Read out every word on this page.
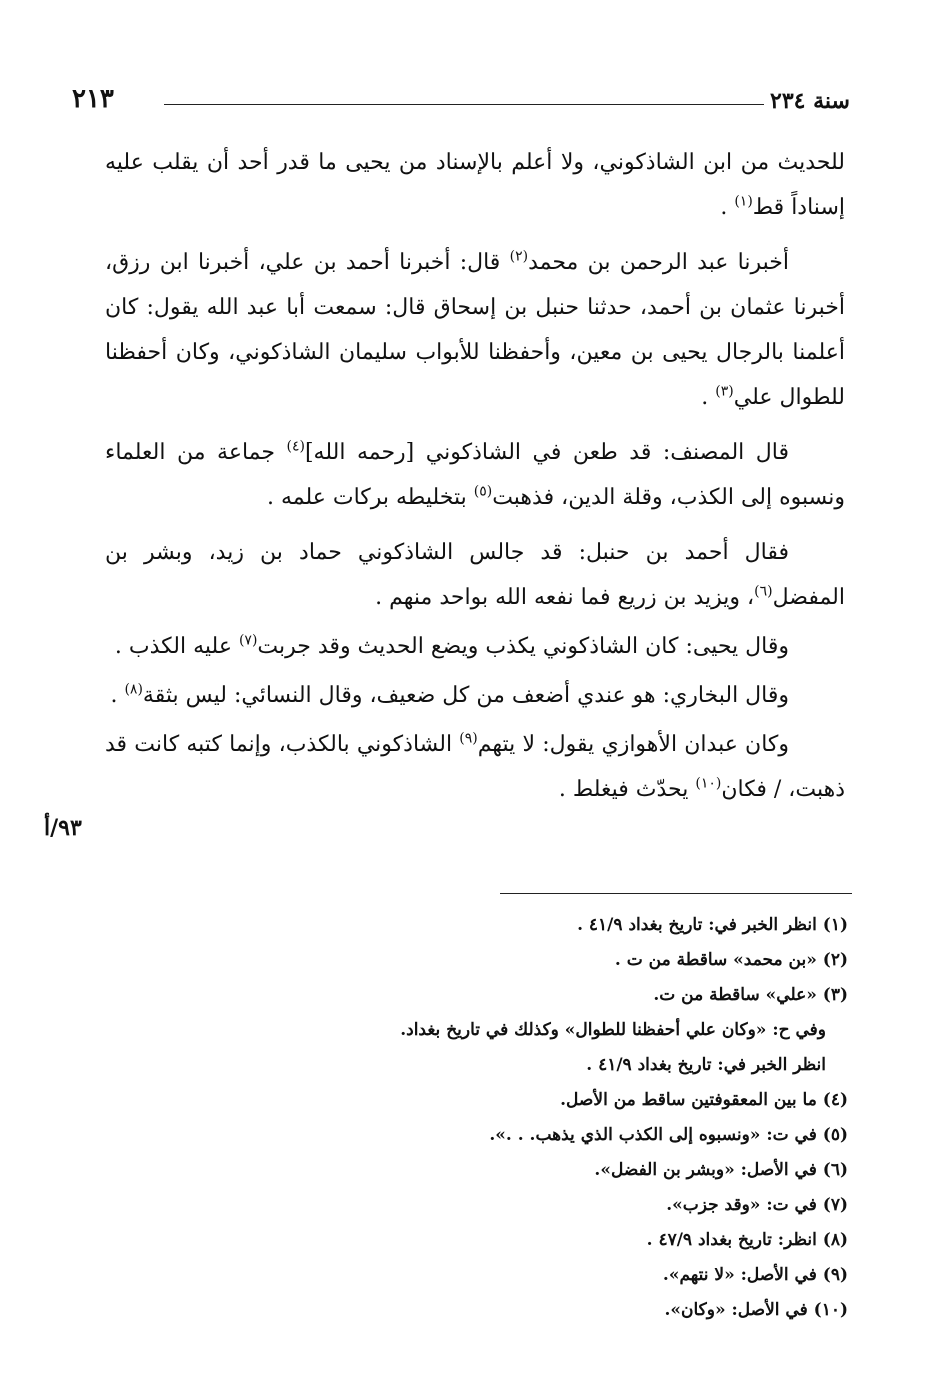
سنة ٢٣٤
٢١٣

للحديث من ابن الشاذكوني، ولا أعلم بالإسناد من يحيى ما قدر أحد أن يقلب عليه إسناداً قط$^{(١)}$ .

أخبرنا عبد الرحمن بن محمد$^{(٢)}$ قال: أخبرنا أحمد بن علي، أخبرنا ابن رزق، أخبرنا عثمان بن أحمد، حدثنا حنبل بن إسحاق قال: سمعت أبا عبد الله يقول: كان أعلمنا بالرجال يحيى بن معين، وأحفظنا للأبواب سليمان الشاذكوني، وكان أحفظنا للطوال علي$^{(٣)}$ .

قال المصنف: قد طعن في الشاذكوني [رحمه الله]$^{(٤)}$ جماعة من العلماء ونسبوه إلى الكذب، وقلة الدين، فذهبت$^{(٥)}$ بتخليطه بركات علمه .

فقال أحمد بن حنبل: قد جالس الشاذكوني حماد بن زيد، وبشر بن المفضل$^{(٦)}$، ويزيد بن زريع فما نفعه الله بواحد منهم .

وقال يحيى: كان الشاذكوني يكذب ويضع الحديث وقد جربت$^{(٧)}$ عليه الكذب .

وقال البخاري: هو عندي أضعف من كل ضعيف، وقال النسائي: ليس بثقة$^{(٨)}$ .

وكان عبدان الأهوازي يقول: لا يتهم$^{(٩)}$ الشاذكوني بالكذب، وإنما كتبه كانت قد ذهبت، / فكان$^{(١٠)}$ يحدّث فيغلط .

٩٣/أ
(١) انظر الخبر في: تاريخ بغداد ٤١/٩ .
(٢) «بن محمد» ساقطة من ت .
(٣) «علي» ساقطة من ت.
وفي ح: «وكان علي أحفظنا للطوال» وكذلك في تاريخ بغداد.
انظر الخبر في: تاريخ بغداد ٤١/٩ .
(٤) ما بين المعقوفتين ساقط من الأصل.
(٥) في ت: «ونسبوه إلى الكذب الذي يذهب. . .».
(٦) في الأصل: «وبشر بن الفضل».
(٧) في ت: «وقد جزب».
(٨) انظر: تاريخ بغداد ٤٧/٩ .
(٩) في الأصل: «لا نتهم».
(١٠) في الأصل: «وكان».
